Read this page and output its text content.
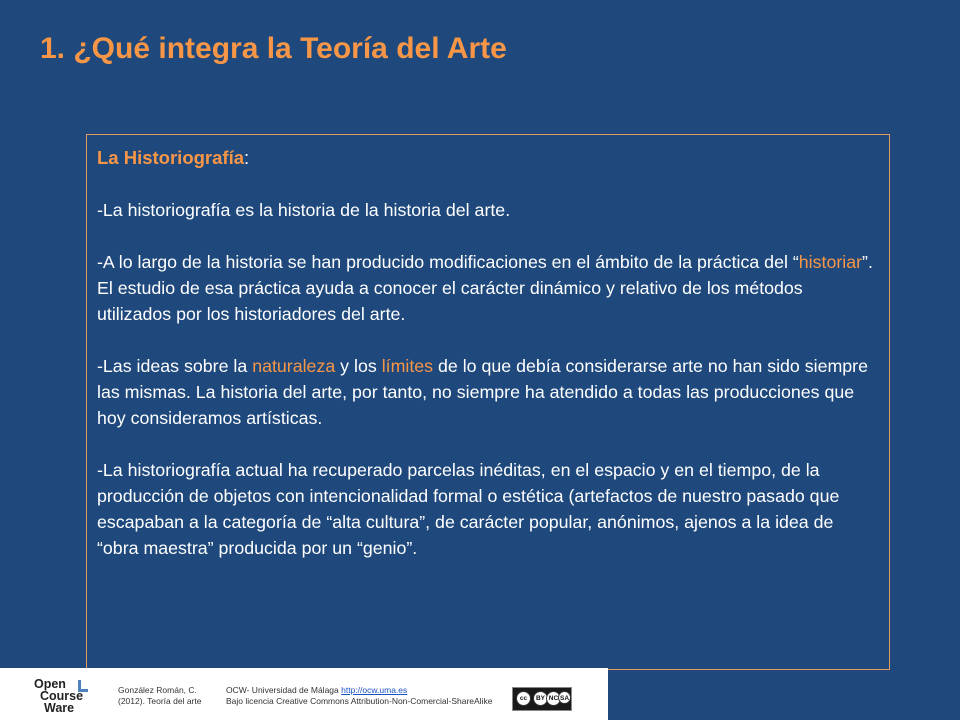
1. ¿Qué integra la Teoría del Arte

La Historiografía:

-La historiografía es la historia de la historia del arte.

-A lo largo de la historia se han producido modificaciones en el ámbito de la práctica del “historiar”. El estudio de esa práctica ayuda a conocer el carácter dinámico y relativo de los métodos utilizados por los historiadores del arte.

-Las ideas sobre la naturaleza y los límites de lo que debía considerarse arte no han sido siempre las mismas. La historia del arte, por tanto, no siempre ha atendido a todas las producciones que hoy consideramos artísticas.

-La historiografía actual ha recuperado parcelas inéditas, en el espacio y en el tiempo, de la producción de objetos con intencionalidad formal o estética (artefactos de nuestro pasado que escapaban a la categoría de “alta cultura”, de carácter popular, anónimos, ajenos a la idea de “obra maestra” producida por un “genio”.

Open
Course
Ware
González Román, C.
(2012). Teoría del arte
OCW- Universidad de Málaga http://ocw.uma.es
Bajo licencia Creative Commons Attribution-Non-Comercial-ShareAlike	cc	BY NC SA
